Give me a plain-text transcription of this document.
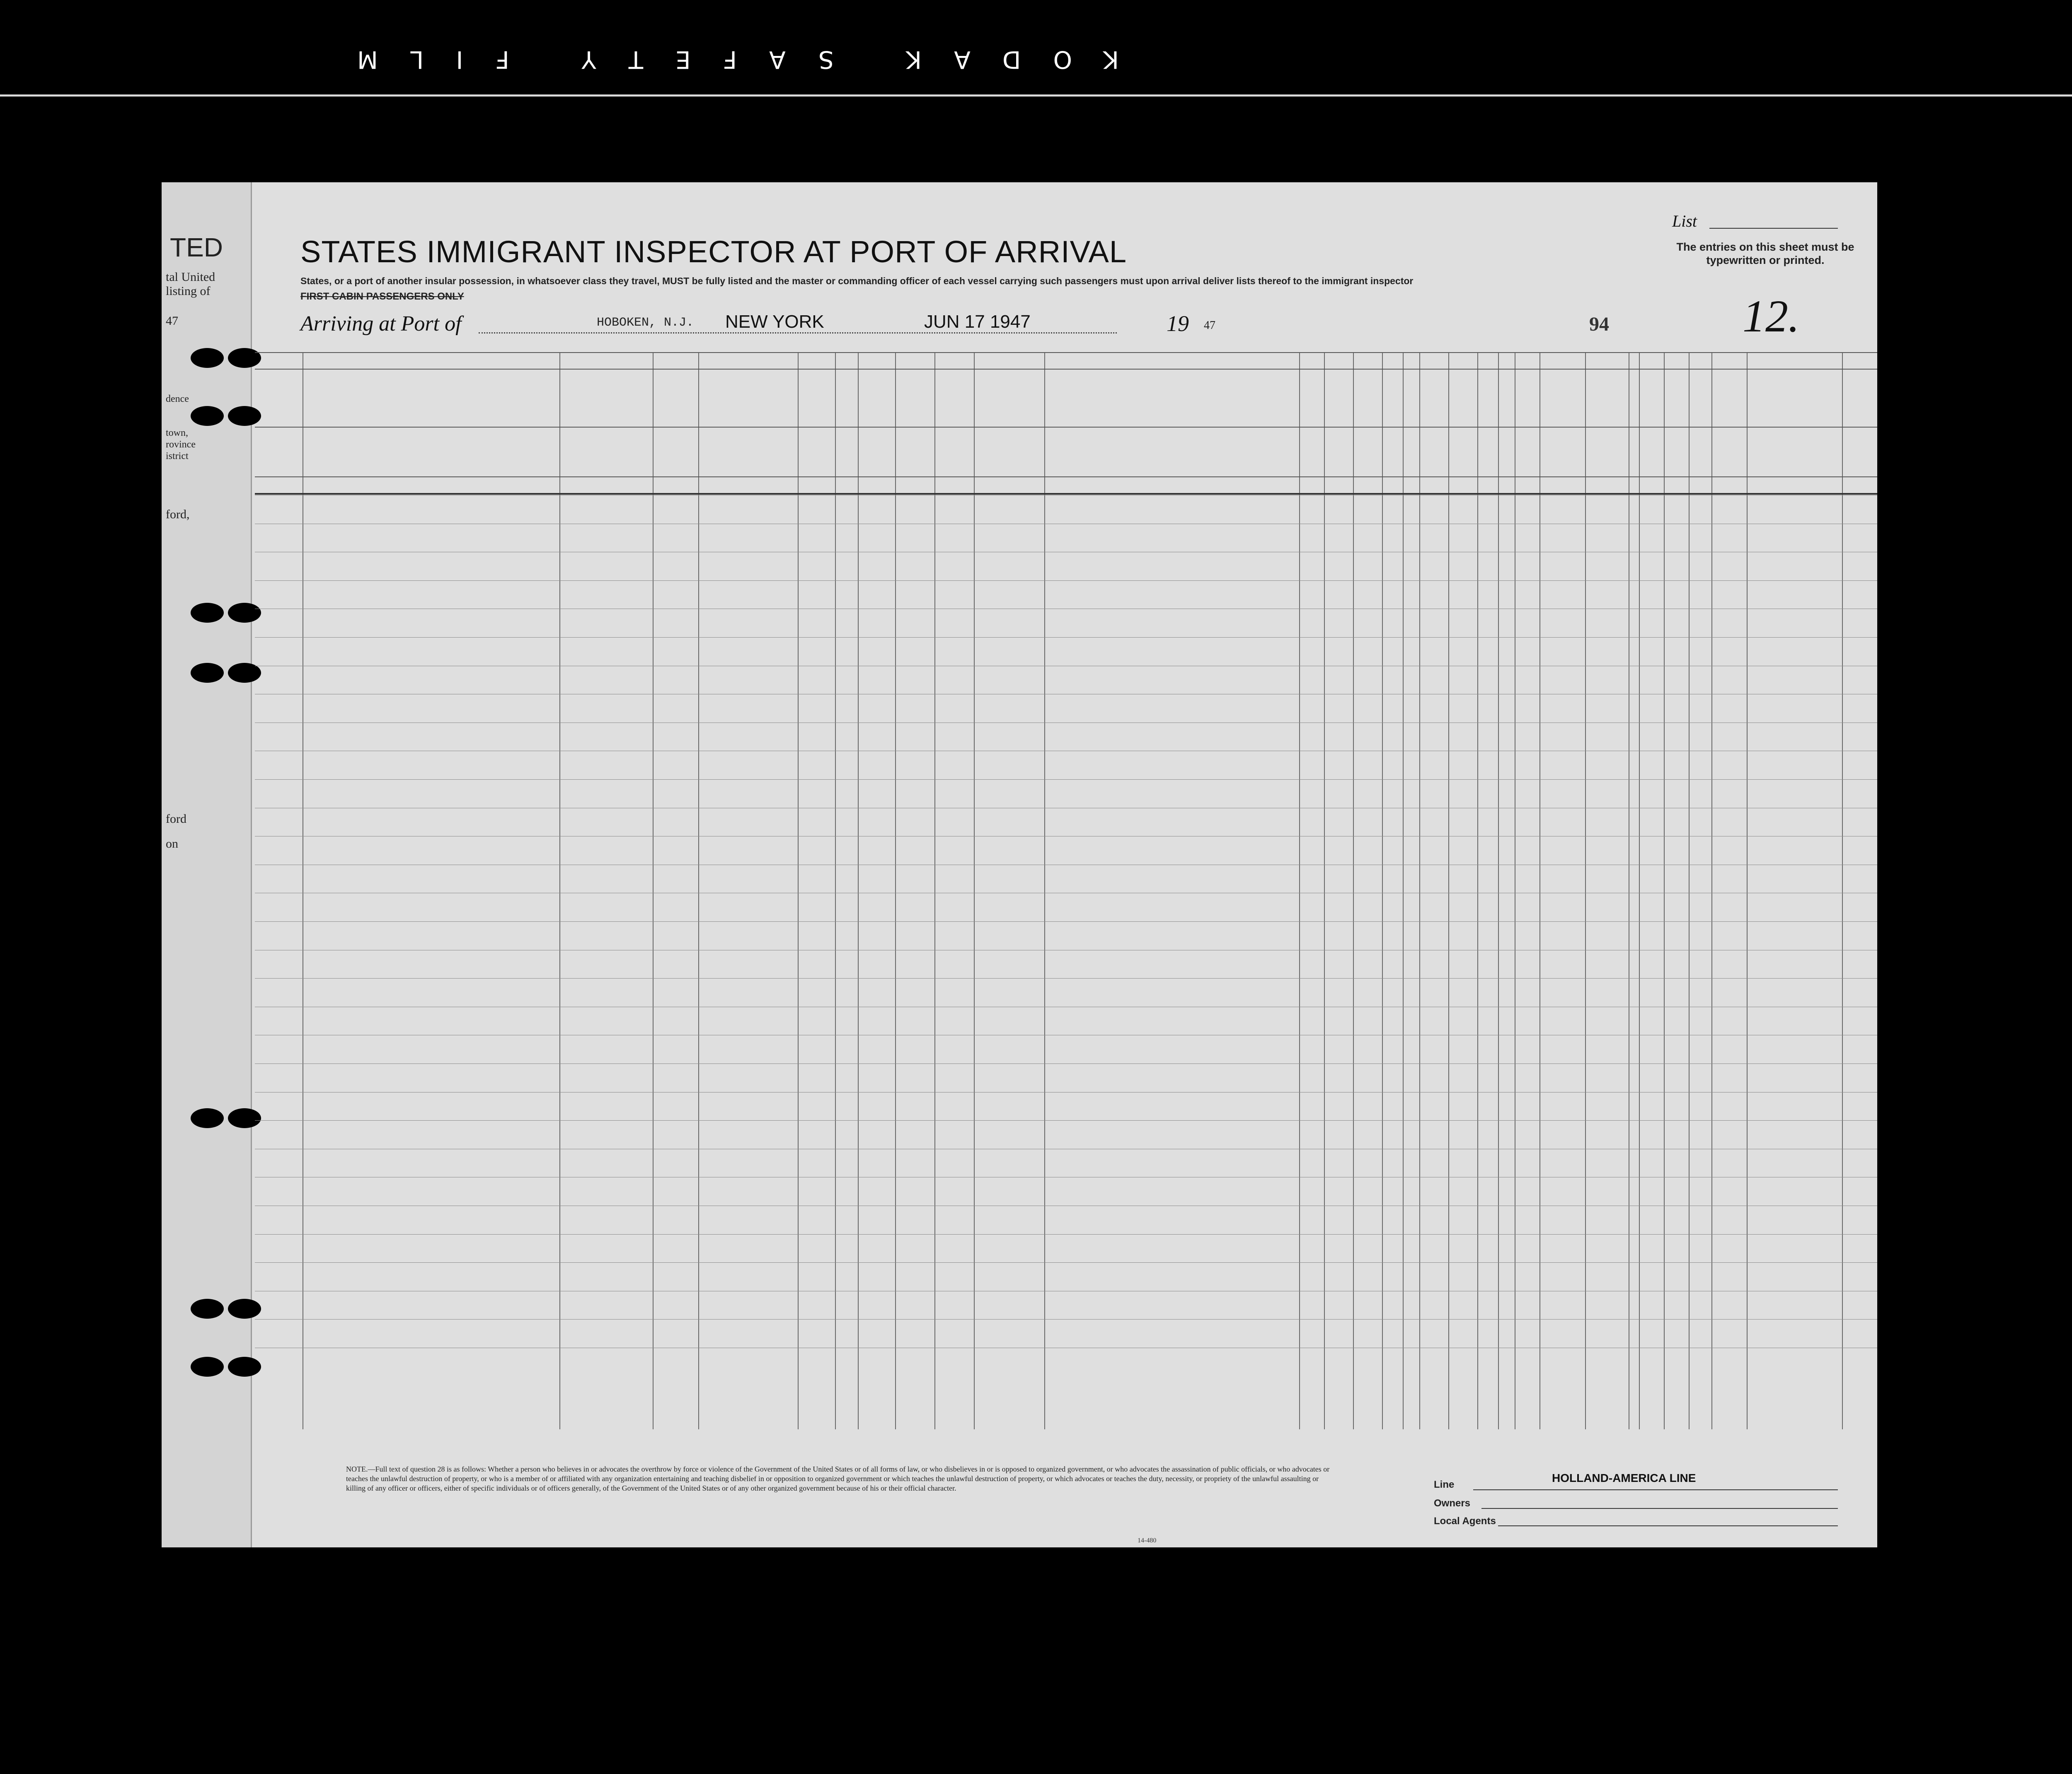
KODAK SAFETY FILM
TED
tal United
listing of
47
dence
town,
rovince
istrict
ford,
ford
on
STATES IMMIGRANT INSPECTOR AT PORT OF ARRIVAL
States, or a port of another insular possession, in whatsoever class they travel, MUST be fully listed and the master or commanding officer of each vessel carrying such passengers must upon arrival deliver lists thereof to the immigrant inspector
FIRST CABIN PASSENGERS ONLY
List
The entries on this sheet must be typewritten or printed.
Arriving at Port of	HOBOKEN, N.J. NEW YORK	JUN 17 1947	19 47	94	12.
NOTE.—Full text of question 28 is as follows: Whether a person who believes in or advocates the overthrow by force or violence of the Government of the United States or of all forms of law, or who disbelieves in or is opposed to organized government, or who advocates the assassination of public officials, or who advocates or teaches the unlawful destruction of property, or who is a member of or affiliated with any organization entertaining and teaching disbelief in or opposition to organized government or which teaches the unlawful destruction of property, or which advocates or teaches the duty, necessity, or propriety of the unlawful assaulting or killing of any officer or officers, either of specific individuals or of officers generally, of the Government of the United States or of any other organized government because of his or their official character.
14-480
Line
HOLLAND-AMERICA LINE
Owners
Local Agents
